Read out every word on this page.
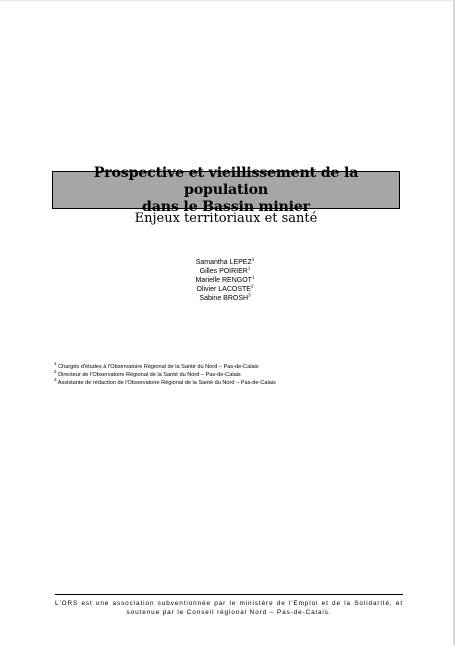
Prospective et vieillissement de la population
dans le Bassin minier
Enjeux territoriaux et santé
Samantha LEPEZ$^1$
Gilles POIRIER$^1$
Marielle RENGOT$^1$
Olivier LACOSTE$^2$
Sabine BROSH$^3$
$^1$ Chargés d'études à l'Observatoire Régional de la Santé du Nord – Pas-de-Calais
$^2$ Directeur de l'Observatoire Régional de la Santé du Nord – Pas-de-Calais
$^3$ Assistante de rédaction de l'Observatoire Régional de la Santé du Nord – Pas-de-Calais
L'ORS est une association subventionnée par le ministère de l'Emploi et de la Solidarité, et soutenue par le Conseil régional Nord – Pas-de-Calais.
